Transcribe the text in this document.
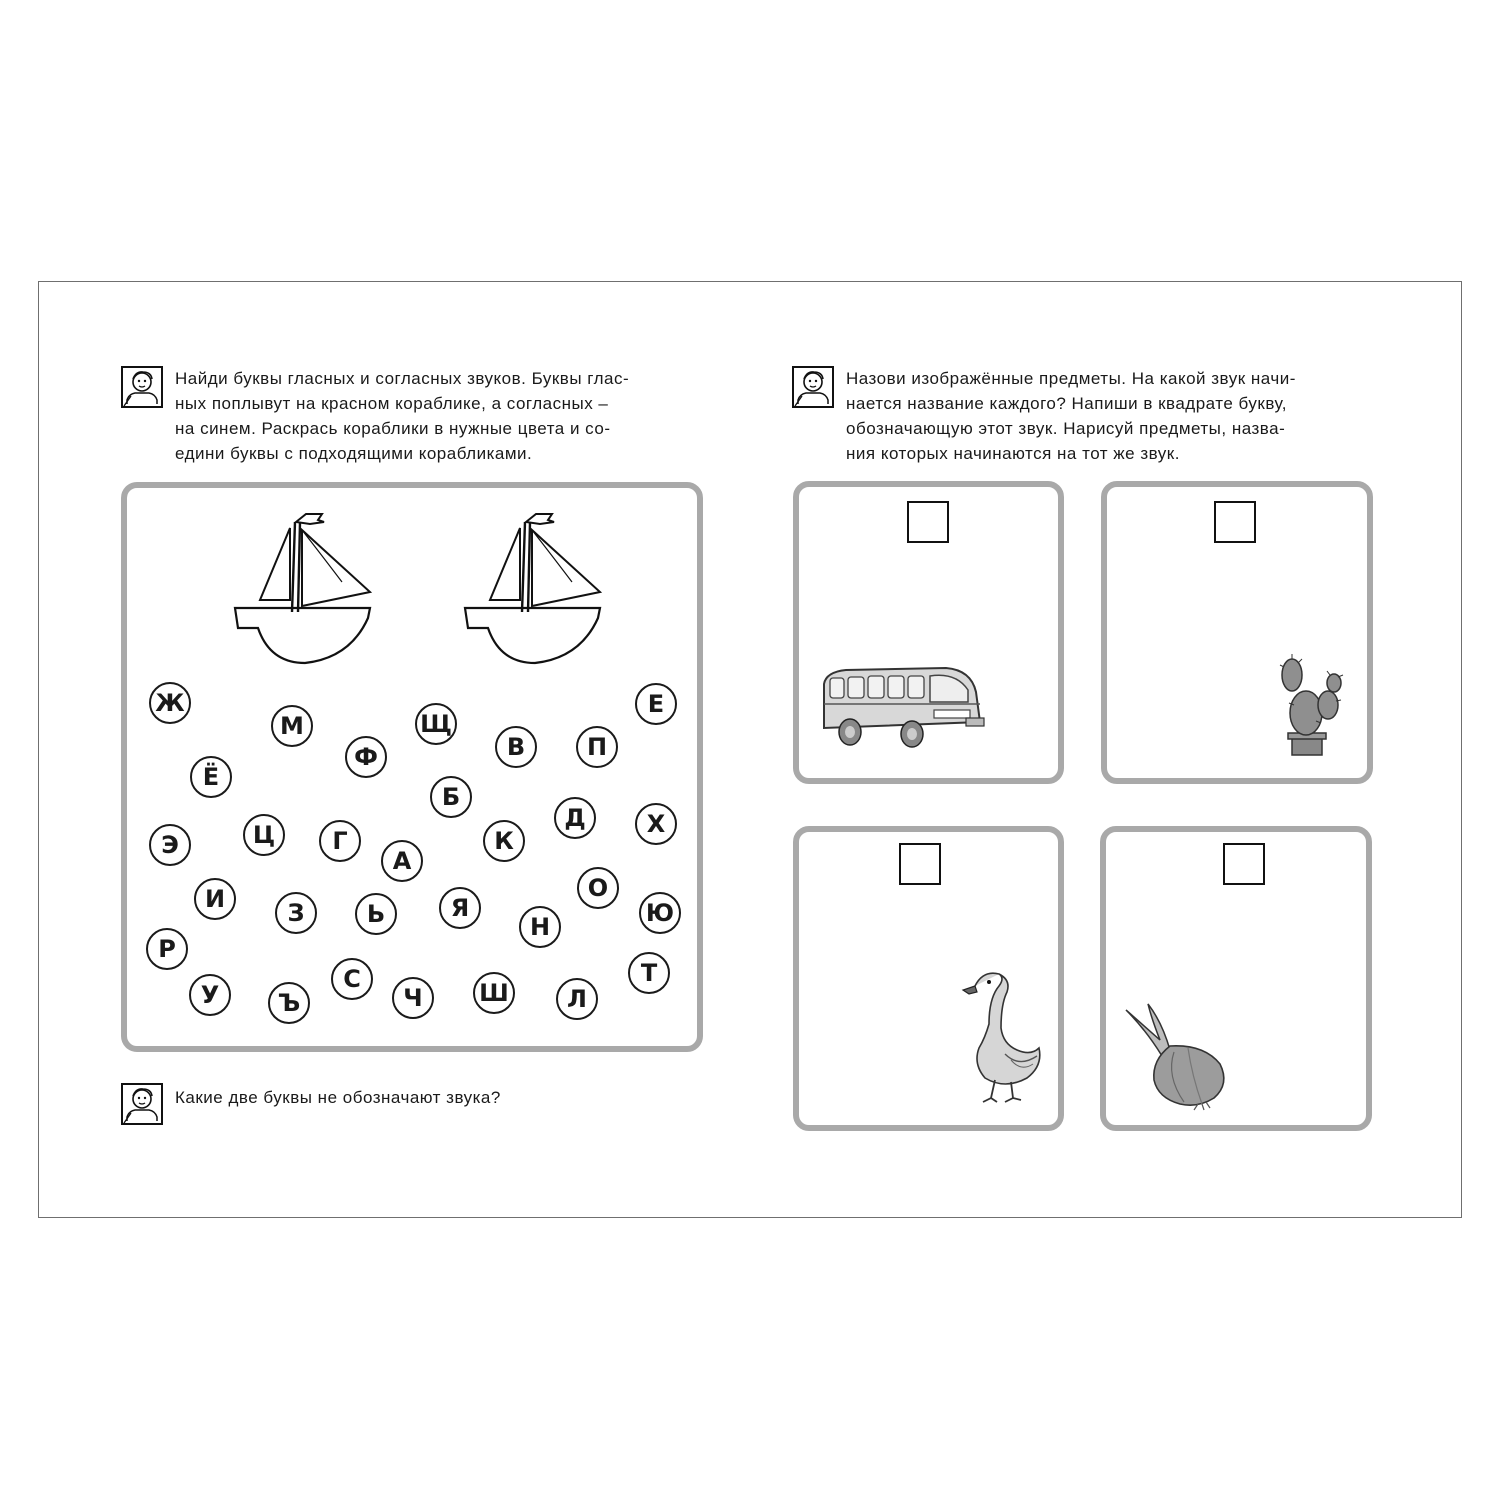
Найди буквы гласных и согласных звуков. Буквы глас-
ных поплывут на красном кораблике, а согласных –
на синем. Раскрась кораблики в нужные цвета и со-
едини буквы с подходящими корабликами.
Ж
М	Щ
В	П
Е
Ф
Ё
Б
Д
Э	Ц	Г	К
Х
А
О
И	З	Ь	Я	Ю
Н
Р
С	Т
У	Ъ	Ч	Ш	Л
Какие две буквы не обозначают звука?
Назови изображённые предметы. На какой звук начи-
нается название каждого? Напиши в квадрате букву,
обозначающую этот звук. Нарисуй предметы, назва-
ния которых начинаются на тот же звук.
